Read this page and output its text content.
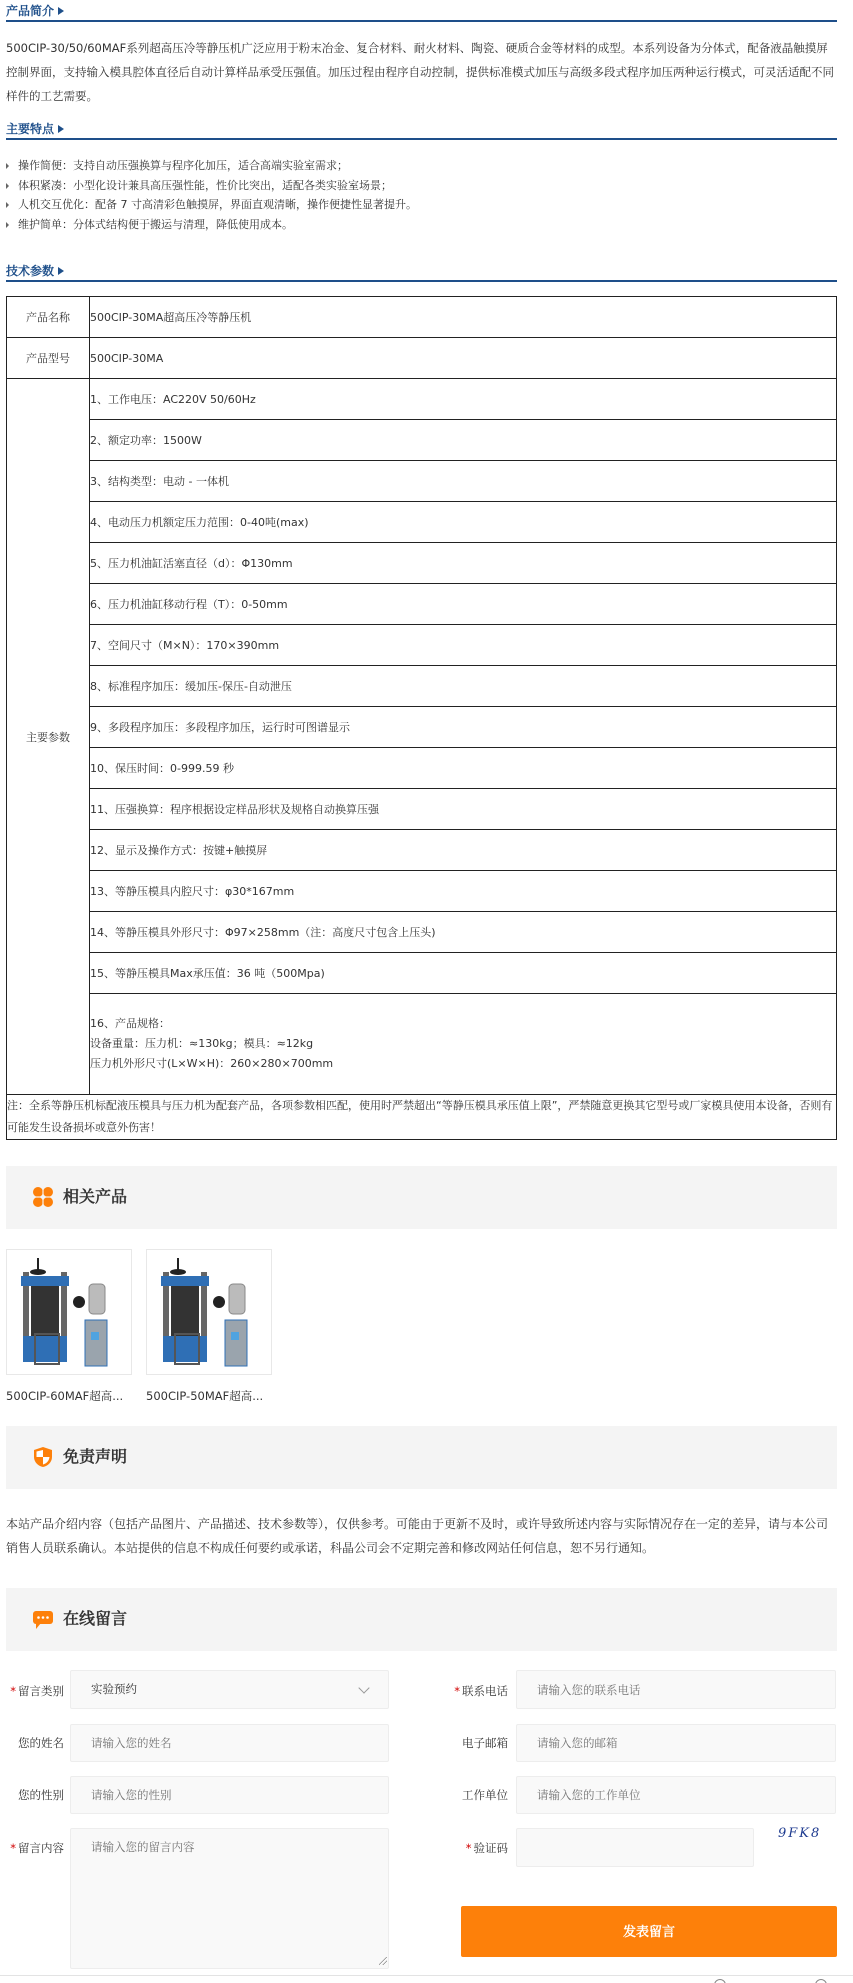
产品简介
500CIP-30/50/60MAF系列超高压冷等静压机广泛应用于粉末冶金、复合材料、耐火材料、陶瓷、硬质合金等材料的成型。本系列设备为分体式，配备液晶触摸屏控制界面，支持输入模具腔体直径后自动计算样品承受压强值。加压过程由程序自动控制，提供标准模式加压与高级多段式程序加压两种运行模式，可灵活适配不同样件的工艺需要。
主要特点
操作简便：支持自动压强换算与程序化加压，适合高端实验室需求；
体积紧凑：小型化设计兼具高压强性能，性价比突出，适配各类实验室场景；
人机交互优化：配备 7 寸高清彩色触摸屏，界面直观清晰，操作便捷性显著提升。
维护简单：分体式结构便于搬运与清理，降低使用成本。
技术参数
产品名称	500CIP-30MA超高压冷等静压机
产品型号	500CIP-30MA
主要参数	1、工作电压：AC220V 50/60Hz
	2、额定功率：1500W
	3、结构类型：电动 - 一体机
	4、电动压力机额定压力范围：0-40吨(max)
	5、压力机油缸活塞直径（d）：Φ130mm
	6、压力机油缸移动行程（T）：0-50mm
	7、空间尺寸（M×N）：170×390mm
	8、标准程序加压：缓加压-保压-自动泄压
	9、多段程序加压：多段程序加压，运行时可图谱显示
	10、保压时间：0-999.59 秒
	11、压强换算：程序根据设定样品形状及规格自动换算压强
	12、显示及操作方式：按键+触摸屏
	13、等静压模具内腔尺寸：φ30*167mm
	14、等静压模具外形尺寸：Φ97×258mm（注：高度尺寸包含上压头)
	15、等静压模具Max承压值：36 吨（500Mpa)

	16、产品规格：
设备重量：压力机：≈130kg；模具：≈12kg
压力机外形尺寸(L×W×H)：260×280×700mm

注：全系等静压机标配液压模具与压力机为配套产品，各项参数相匹配，使用时严禁超出“等静压模具承压值上限”，严禁随意更换其它型号或厂家模具使用本设备，否则有可能发生设备损坏或意外伤害！	
相关产品
500CIP-60MAF超高...	500CIP-50MAF超高...
免责声明
本站产品介绍内容（包括产品图片、产品描述、技术参数等），仅供参考。可能由于更新不及时，或许导致所述内容与实际情况存在一定的差异，请与本公司销售人员联系确认。本站提供的信息不构成任何要约或承诺，科晶公司会不定期完善和修改网站任何信息，恕不另行通知。
在线留言
* 留言类别	实验预约
您的姓名
请输入您的姓名
您的性别
请输入您的性别
* 留言内容
请输入您的留言内容
* 联系电话
请输入您的联系电话
电子邮箱
请输入您的邮箱
工作单位
请输入您的工作单位
* 验证码
9FK8
发表留言
